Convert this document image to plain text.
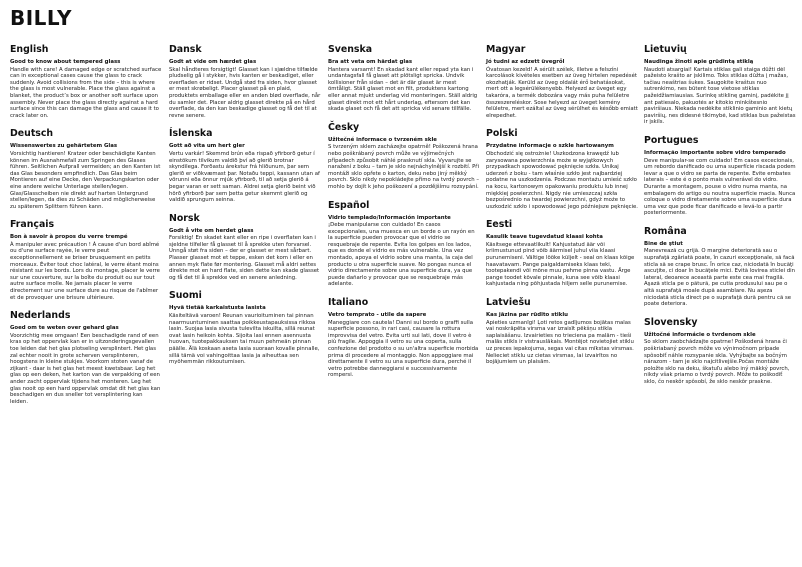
BILLY
English
Good to know about tempered glass

Handle with care! A damaged edge or scratched surface can in exceptional cases cause the glass to crack suddenly. Avoid collisions from the side – this is where the glass is most vulnerable. Place the glass against a blanket, the product’s box or another soft surface upon assembly. Never place the glass directly against a hard surface since this can damage the glass and cause it to crack later on.

Deutsch
Wissenswertes zu gehärtetem Glas

Vorsichtig hantieren! Kratzer oder beschädigte Kanten können im Ausnahmefall zum Springen des Glases führen. Seitlichen Aufprall vermeiden; an den Kanten ist das Glas besonders empfindlich. Das Glas beim Montieren auf eine Decke, den Verpackungskarton oder eine andere weiche Unterlage stellen/legen. Glas/Glasscheiben nie direkt auf harten Untergrund stellen/legen, da dies zu Schäden und möglicherweise zu späterem Splittern führen kann.

Français
Bon à savoir à propos du verre trempé

À manipuler avec précaution ! À cause d'un bord abîmé ou d'une surface rayée, le verre peut exceptionnellement se briser brusquement en petits morceaux. Éviter tout choc latéral, le verre étant moins résistant sur les bords. Lors du montage, placer le verre sur une couverture, sur la boîte du produit ou sur tout autre surface molle. Ne jamais placer le verre directement sur une surface dure au risque de l'abîmer et de provoquer une brisure ultérieure.

Nederlands
Goed om te weten over gehard glas

Voorzichtig mee omgaan! Een beschadigde rand of een kras op het oppervlak kan er in uitzonderingsgevallen toe leiden dat het glas plotseling versplintert. Het glas zal echter nooit in grote scherven versplinteren, hoogstens in kleine stukjes. Voorkom stoten vanaf de zijkant - daar is het glas het meest kwetsbaar. Leg het glas op een deken, het karton van de verpakking of een ander zacht oppervlak tijdens het monteren. Leg het glas nooit op een hard oppervlak omdat dit het glas kan beschadigen en dus sneller tot versplintering kan leiden.

Dansk
Godt at vide om hærdet glas

Skal håndteres forsigtigt! Glasset kan i sjældne tilfælde pludselig gå i stykker, hvis kanten er beskadiget, eller overfladen er ridset. Undgå stød fra siden, hvor glasset er mest skrøbeligt. Placer glasset på en plaid, produktets emballage eller en anden blød overflade, når du samler det. Placer aldrig glasset direkte på en hård overflade, da den kan beskadige glasset og få det til at revne senere.

Íslenska
Gott að vita um hert gler

Vertu varkár! Skemmd brún eða rispað yfirborð getur í einstökum tilvikum valdið því að glerið brotnar skyndilega. Forðastu árekstur frá hliðunum, þar sem glerið er viðkvæmast þar. Notaðu teppi, kassann utan af vörunni eða önnur mjúk yfirborð, til að setja glerið á þegar varan er sett saman. Aldrei setja glerið beint við hörð yfirborð þar sem þetta getur skemmt glerið og valdið sprungum seinna.

Norsk
Godt å vite om herdet glass

Forsiktig! En skadet kant eller en ripe i overflaten kan i sjeldne tilfeller få glasset til å sprekke uten forvarsel. Unngå støt fra siden – der er glasset er mest sårbart. Plasser glasset mot et teppe, esken det kom i eller en annen myk flate før montering. Glasset må aldri settes direkte mot en hard flate, siden dette kan skade glasset og få det til å sprekke ved en senere anledning.

Suomi
Hyvä tietää karkaistusta lasista

Käsiteltävä varoen! Reunan vaurioituminen tai pinnan naarmuuntuminen saattaa poikkeustapauksissa rikkoa lasin. Suojaa lasia sivusta tulevilta iskuilta, sillä reunat ovat lasin heikoin kohta. Sijoita lasi ennen asennusta huovan, tuotepakkauksen tai muun pehmeän pinnan päälle. Älä koskaan aseta lasia suoraan kovalle pinnalle, sillä tämä voi vahingoittaa lasia ja aiheuttaa sen myöhemmän rikkoutumisen.

Svenska
Bra att veta om härdat glas

Hantera varsamt! En skadad kant eller repad yta kan i undantagsfall få glaset att plötsligt spricka. Undvik kollisioner från sidan – det är där glaset är mest ömtåligt. Ställ glaset mot en filt, produktens kartong eller annat mjukt underlag vid monteringen. Ställ aldrig glaset direkt mot ett hårt underlag, eftersom det kan skada glaset och få det att spricka vid senare tillfälle.

Česky
Užitečné informace o tvrzeném skle

S tvrzeným sklem zacházejte opatrně! Poškozená hrana nebo poškrábaný povrch může ve výjimečných případech způsobit náhlé prasknutí skla. Vyvarujte se naražení z boku – tam je sklo nejnáchylnější k rozbití. Při montáži sklo opřete o karton, deku nebo jiný měkký povrch. Sklo nikdy nepokládejte přímo na tvrdý povrch – mohlo by dojít k jeho poškození a pozdějšímu rozsypání.

Español
Vidrio templado/Información importante

¡Debe manipularse con cuidado! En casos excepcionales, una muesca en un borde o un rayón en la superficie pueden provocar que el vidrio se resquebraje de repente. Evita los golpes en los lados, que es donde el vidrio es más vulnerable. Una vez montado, apoya el vidrio sobre una manta, la caja del producto u otra superficie suave. No pongas nunca el vidrio directamente sobre una superficie dura, ya que puede dañarlo y provocar que se resquebraje más adelante.

Italiano
Vetro temprato - utile da sapere

Maneggiare con cautela! Danni sul bordo o graffi sulla superficie possono, in rari casi, causare la rottura improvvisa del vetro. Evita urti sui lati, dove il vetro è più fragile. Appoggia il vetro su una coperta, sulla confezione del prodotto o su un'altra superficie morbida prima di procedere al montaggio. Non appoggiare mai direttamente il vetro su una superficie dura, perché il vetro potrebbe danneggiarsi e successivamente rompersi.

Magyar
Jó tudni az edzett üvegről

Óvatosan kezeld! A sérült szélek, illetve a felszíni karcolások kivételes esetben az üveg hirtelen repedését okozhatják. Kerüld az üveg oldalát érő behatásokat, mert ott a legsérülékenyebb. Helyezd az üveget egy takaróra, a termék dobozára vagy más puha felületre összeszereléskor. Sose helyezd az üveget kemény felületre, mert ezáltal az üveg sérülhet és később emiatt elrepedhet.

Polski
Przydatne informacje o szkle hartowanym

Obchodzić się ostrożnie! Uszkodzona krawędź lub zarysowana powierzchnia może w wyjątkowych przypadkach spowodować pęknięcie szkła. Unikaj uderzeń z boku - tam właśnie szkło jest najbardziej podatne na uszkodzenia. Podczas montażu umieść szkło na kocu, kartonowym opakowaniu produktu lub innej miękkiej powierzchni. Nigdy nie umieszczaj szkła bezpośrednio na twardej powierzchni, gdyż może to uszkodzić szkło i spowodować jego późniejsze pęknięcie.

Eesti
Kasulik teave tugevdatud klaasi kohta

Käsitsege ettevaatlikult! Kahjustatud äär või kriimustunud pind võib äärmisel juhul viia klaasi purunemiseni. Vältige lööke küljelt - seal on klaas kõige haavatavam. Pange paigaldamiseks klaas teki, tootepakendi või mõne muu pehme pinna vastu. Ärge pange toodet kõvale pinnale, kuna see võib klaasi kahjustada ning põhjustada hiljem selle purunemise.

Latviešu
Kas jāzina par rūdīto stiklu

Apieties uzmanīgi! Ļoti retos gadījumos bojātas malas vai noskrāpēta virsma var izraisīt pēkšņu stikla saplaisāšanu. Izvairieties no trieciena pa malām - tieši malās stikls ir vistrauslākais. Montējot novietojiet stiklu uz preces iepakojuma, segas vai citas mīkstas virsmas. Nelieciet stiklu uz cietas virsmas, lai izvairītos no bojājumiem un plaisām.

Lietuvių
Naudinga žinoti apie grūdintą stiklą

Naudoti atsargiai! Kartais stiklas gali staiga dūžti dėl pažeisto krašto ar įskilimo. Toks stiklas dūžta į mažas, tačiau neaštrias šukes. Saugokite kraštus nuo sutrenkimo, nes būtent tose vietose stiklas pažeidžiamiausias. Surinkę stiklinę gaminį, padėkite jį ant patiesalo, pakuotės ar kitokio minkštesnio paviršiaus. Niekada nedėkite stiklinio gaminio ant kietų paviršių, nes didesnė tikimybė, kad stiklas bus pažeistas ir įskils.

Portugues
Informação importante sobre vidro temperado

Deve manipular-se com cuidado! Em casos excecionais, um rebordo danificado ou uma superfície riscada podem levar a que o vidro se parta de repente. Evite embates laterais – este é o ponto mais vulnerável do vidro. Durante a montagem, pouse o vidro numa manta, na embalagem do artigo ou noutra superfície macia. Nunca coloque o vidro diretamente sobre uma superfície dura uma vez que pode ficar danificado e levá-lo a partir posteriormente.

Româna
Bine de ştiut

Manevrează cu grijă. O margine deteriorată sau o suprafaţă zgâriată poate, în cazuri excepţionale, să facă sticla să se crape brusc. În orice caz, niciodată în bucăţi ascuţite, ci doar în bucăţele mici. Evită lovirea sticlei din lateral, deoarece această parte este cea mai fragilă. Aşază sticla pe o pătură, pe cutia produsului sau pe o altă suprafaţă moale după asamblare. Nu aşeza niciodată sticla direct pe o suprafaţă dură pentru că se poate deteriora.

Slovensky
Užitočné informácie o tvrdenom skle

So sklom zaobchádzajte opatrne! Poškodená hrana či poškriabaný povrch môže vo výnimočnom prípade spôsobiť náhle rozsypanie skla. Vyhýbajte sa bočným nárazom - tam je sklo najcitlivejšie.Počas montáže položte sklo na deku, škatuľu alebo iný mäkký povrch, nikdy však priamo o tvrdý povrch. Môže to poškodiť sklo, čo neskôr spôsobí, že sklo neskôr praskne.
